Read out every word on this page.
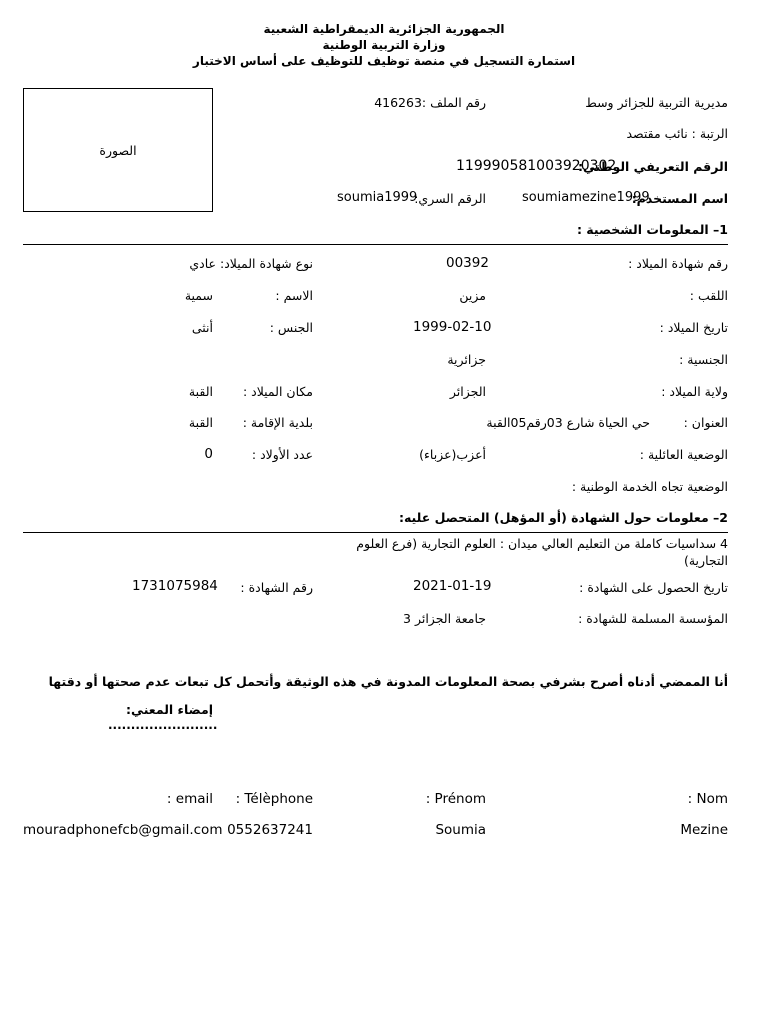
الجمهورية الجزائرية الديمقراطية الشعبية
وزارة التربية الوطنية
استمارة التسجيل في منصة توظيف للتوظيف على أساس الاختبار
الصورة
مديرية التربية للجزائر وسط
رقم الملف :416263
الرتبة : نائب مقتصد
الرقم التعريفي الوطني:
119990581003920302
اسم المستخدم:
soumiamezine1999
الرقم السري:
soumia1999
1– المعلومات الشخصية :
رقم شهادة الميلاد :
00392
نوع شهادة الميلاد: عادي
اللقب :
مزين
الاسم :
سمية
تاريخ الميلاد :
1999-02-10
الجنس :
أنثى
الجنسية :
جزائرية
ولاية الميلاد :
الجزائر
مكان الميلاد :
القبة
العنوان :
حي الحياة شارع 03رقم05القبة
بلدية الإقامة :
القبة
الوضعية العائلية :
أعزب(عزباء)
عدد الأولاد :
0
الوضعية تجاه الخدمة الوطنية :
2– معلومات حول الشهادة (أو المؤهل) المتحصل عليه:
4 سداسيات كاملة من التعليم العالي ميدان : العلوم التجارية (فرع العلوم التجارية)
تاريخ الحصول على الشهادة :
2021-01-19
رقم الشهادة :
1731075984
المؤسسة المسلمة للشهادة :
جامعة الجزائر 3
أنا الممضي أدناه أصرح بشرفي بصحة المعلومات المدونة في هذه الوثيقة وأتحمل كل تبعات عدم صحتها أو دقتها
إمضاء المعني:
........................
: Nom
: Prénom
: Télèphone
: email
Mezine
Soumia
0552637241
mouradphonefcb@gmail.com
